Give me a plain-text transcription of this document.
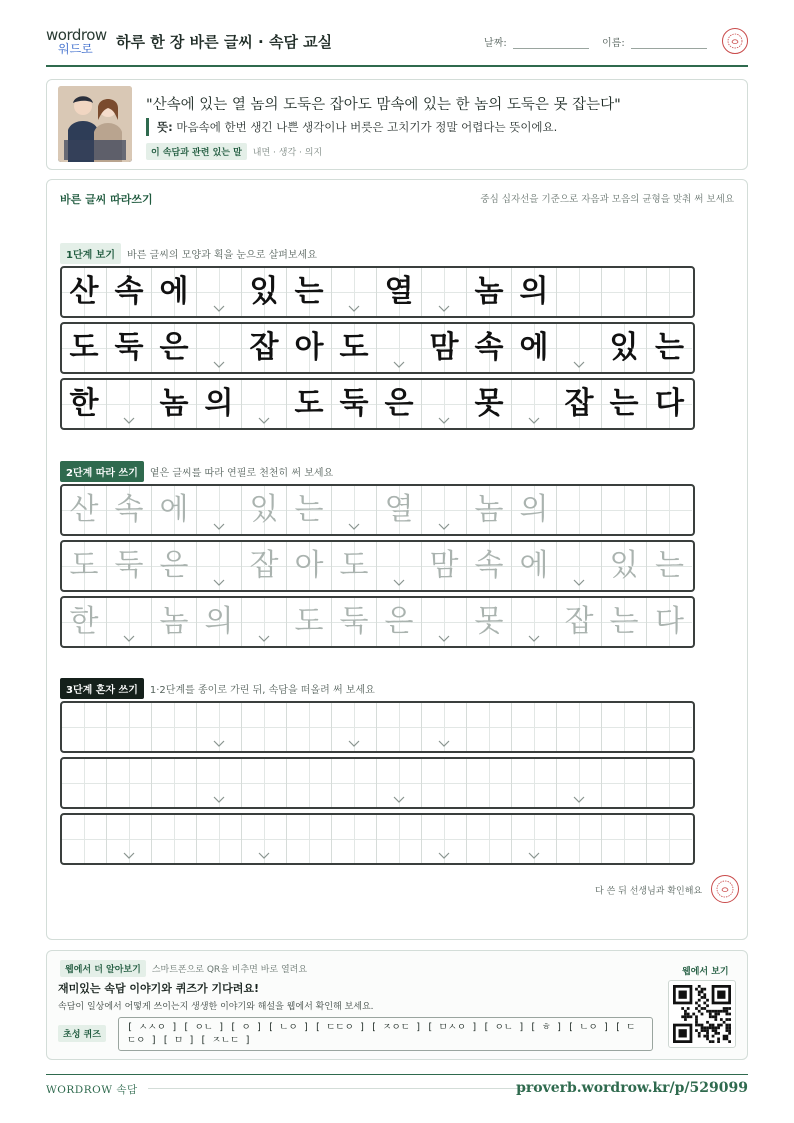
wordrow
워드로	하루 한 장 바른 글씨 · 속담 교실	날짜:	이름:
"산속에 있는 열 놈의 도둑은 잡아도 맘속에 있는 한 놈의 도둑은 못 잡는다"
뜻: 마음속에 한번 생긴 나쁜 생각이나 버릇은 고치기가 정말 어렵다는 뜻이에요.
이 속담과 관련 있는 말 내면 · 생각 · 의지
바른 글씨 따라쓰기	중심 십자선을 기준으로 자음과 모음의 균형을 맞춰 써 보세요
1단계 보기 바른 글씨의 모양과 획을 눈으로 살펴보세요
2단계 따라 쓰기 옅은 글씨를 따라 연필로 천천히 써 보세요
3단계 혼자 쓰기 1·2단계를 종이로 가린 뒤, 속담을 떠올려 써 보세요
산 속 에 있 는 열 놈 의
도 둑 은 잡 아 도 맘 속 에 있 는
한 놈 의 도 둑 은 못 잡 는 다
산 속 에 있 는 열 놈 의
도 둑 은 잡 아 도 맘 속 에 있 는
한 놈 의 도 둑 은 못 잡 는 다
다 쓴 뒤 선생님과 확인해요
웹에서 더 알아보기 스마트폰으로 QR을 비추면 바로 열려요
재미있는 속담 이야기와 퀴즈가 기다려요!
속담이 일상에서 어떻게 쓰이는지 생생한 이야기와 해설을 웹에서 확인해 보세요.
초성 퀴즈
[ ㅅㅅㅇ ] [ ㅇㄴ ] [ ㅇ ] [ ㄴㅇ ] [ ㄷㄷㅇ ] [ ㅈㅇㄷ ] [ ㅁㅅㅇ ] [ ㅇㄴ ] [ ㅎ ] [ ㄴㅇ ] [ ㄷㄷㅇ ] [ ㅁ ] [ ㅈㄴㄷ ]
웹에서 보기
WORDROW 속담	proverb.wordrow.kr/p/529099
